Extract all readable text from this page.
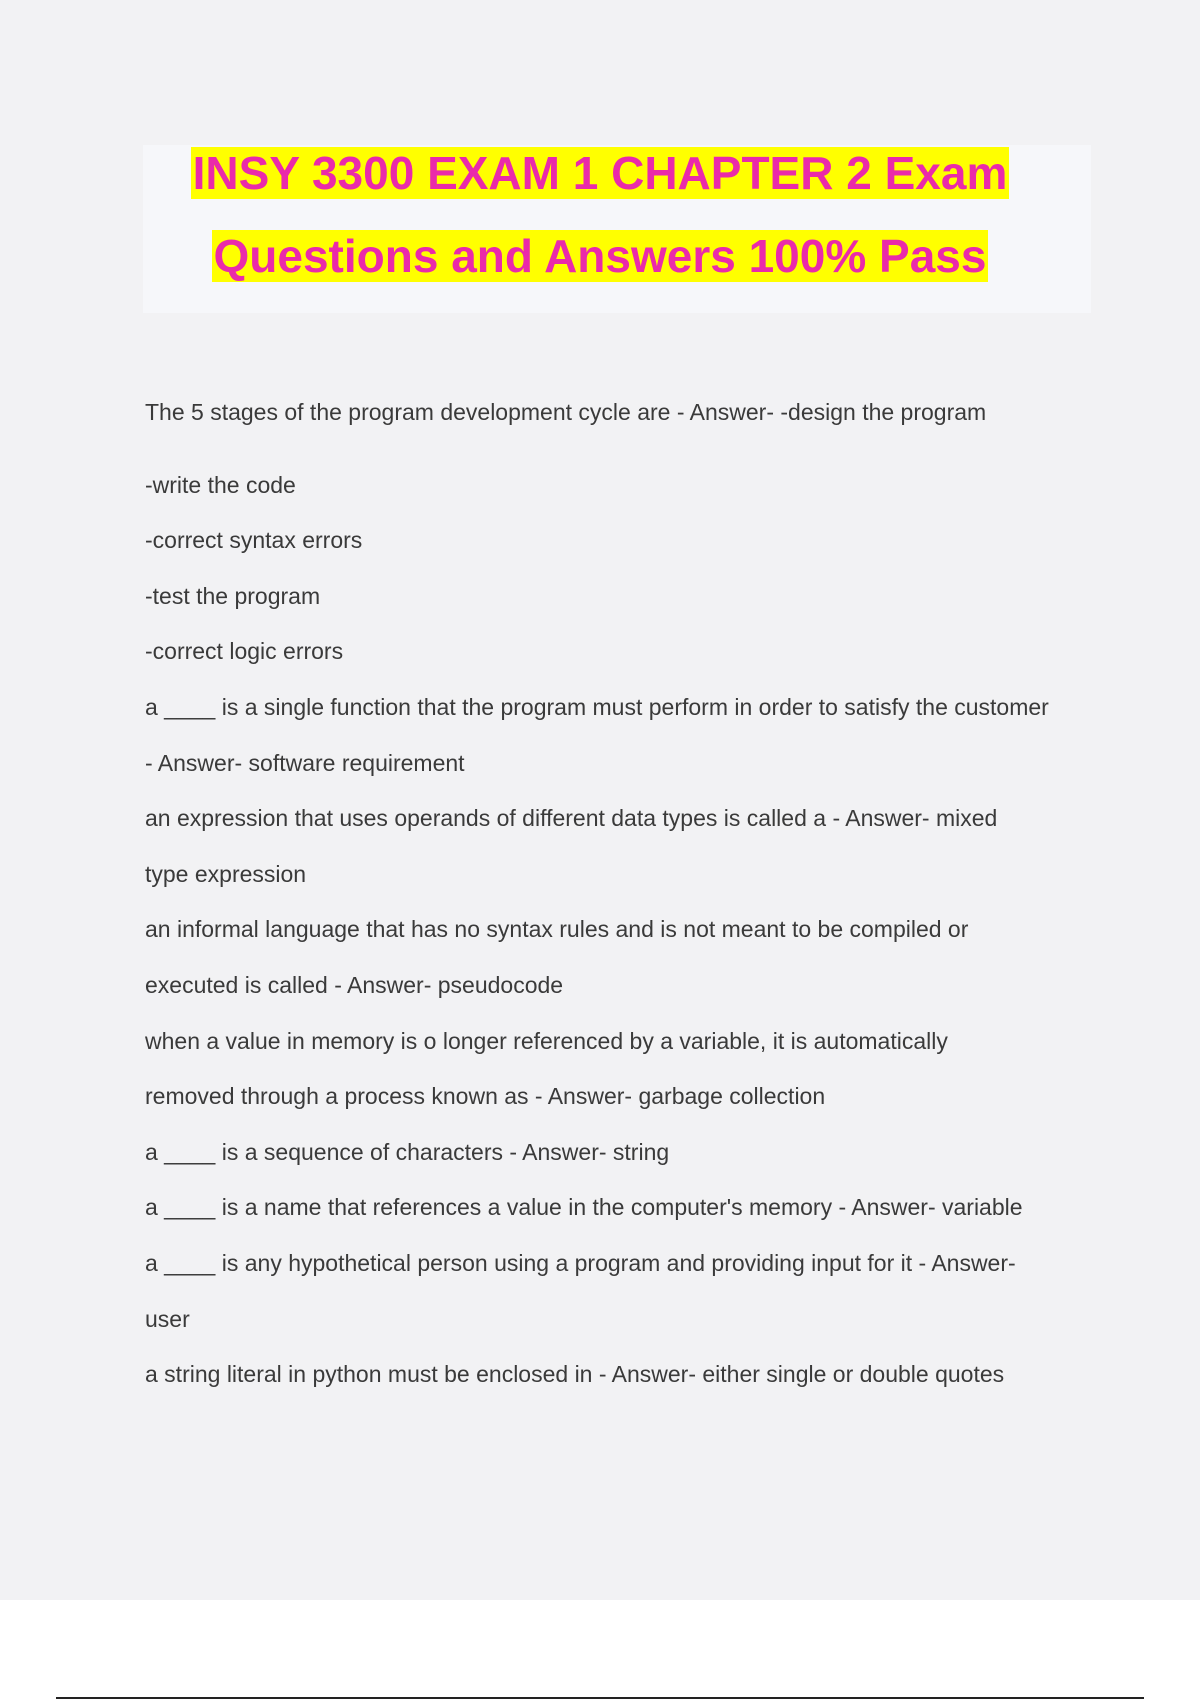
INSY 3300 EXAM 1 CHAPTER 2 Exam
Questions and Answers 100% Pass
The 5 stages of the program development cycle are - Answer- -design the program
-write the code
-correct syntax errors
-test the program
-correct logic errors
a ____ is a single function that the program must perform in order to satisfy the customer
- Answer- software requirement
an expression that uses operands of different data types is called a - Answer- mixed
type expression
an informal language that has no syntax rules and is not meant to be compiled or
executed is called - Answer- pseudocode
when a value in memory is o longer referenced by a variable, it is automatically
removed through a process known as - Answer- garbage collection
a ____ is a sequence of characters - Answer- string
a ____ is a name that references a value in the computer's memory - Answer- variable
a ____ is any hypothetical person using a program and providing input for it - Answer-
user
a string literal in python must be enclosed in - Answer- either single or double quotes
